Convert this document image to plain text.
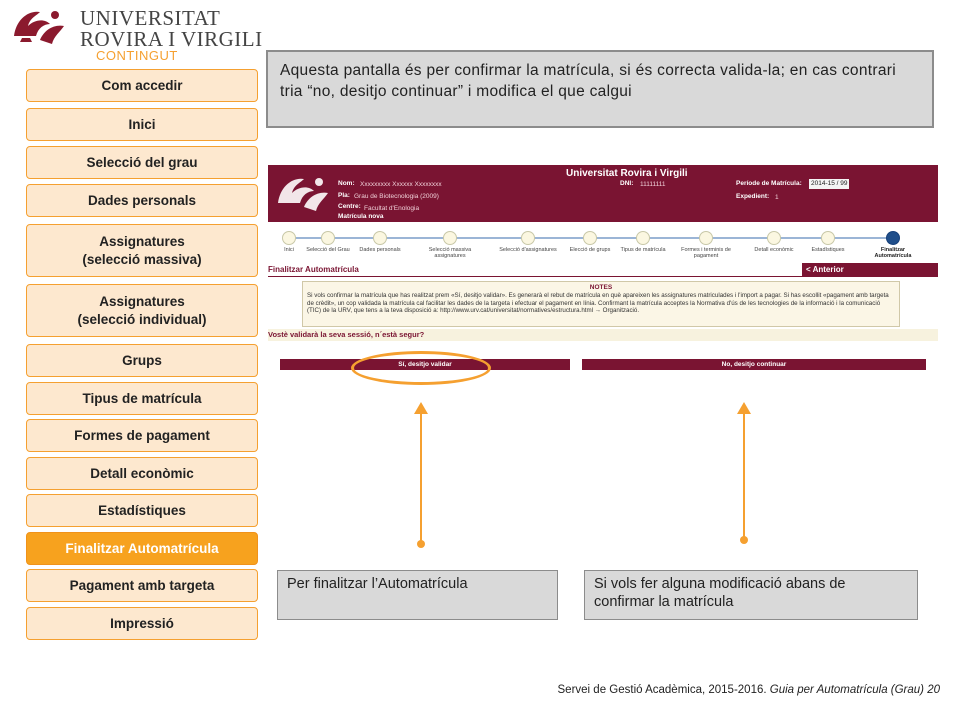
UNIVERSITAT
ROVIRA I VIRGILI
CONTINGUT
Com accedir
Inici
Selecció del grau
Dades personals
Assignatures
(selecció massiva)
Assignatures
(selecció individual)
Grups
Tipus de matrícula
Formes de pagament
Detall econòmic
Estadístiques
Finalitzar Automatrícula
Pagament amb targeta
Impressió
Aquesta pantalla és per confirmar la matrícula, si és correcta valida-la; en cas contrari tria “no, desitjo continuar” i modifica el que calgui
Universitat Rovira i Virgili
Nom: Xxxxxxxxx Xxxxxx Xxxxxxxx
Pla: Grau de Biotecnologia (2009)
Centre: Facultat d'Enologia
Matrícula nova
DNI: 11111111	Període de Matrícula:	2014-15 / 99
Expedient: 1
Inici	Selecció del Grau	Dades personals	Selecció massiva assignatures
Selecció d'assignatures	Elecció de grups	Tipus de matrícula	Formes i terminis de pagament
Detall econòmic	Estadístiques	Finalitzar Automatrícula
Finalitzar Automatrícula	< Anterior
NOTES
Si vols confirmar la matrícula que has realitzat prem «Sí, desitjo validar». Es generarà el rebut de matrícula en què apareixen les assignatures matriculades i l'import a pagar. Si has escollit «pagament amb targeta de crèdit», un cop validada la matrícula cal facilitar les dades de la targeta i efectuar el pagament en línia. Confirmant la matrícula acceptes la Normativa d'ús de les tecnologies de la informació i la comunicació (TIC) de la URV, que tens a la teva disposició a: http://www.urv.cat/universitat/normatives/estructura.html → Organització.
Vostè validarà la seva sessió, n´està segur?
Sí, desitjo validar	No, desitjo continuar
Per finalitzar l’Automatrícula	Si vols fer alguna modificació abans de confirmar la matrícula
Servei de Gestió Acadèmica, 2015-2016. Guia per Automatrícula (Grau) 20
